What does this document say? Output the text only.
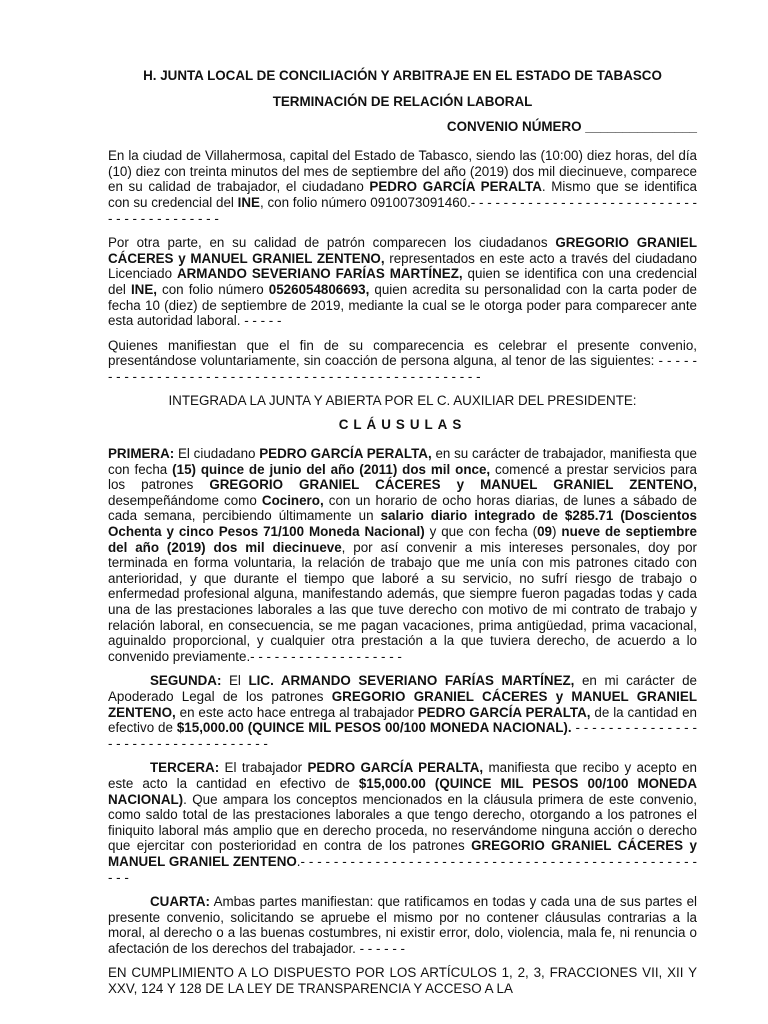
H. JUNTA LOCAL DE CONCILIACIÓN Y ARBITRAJE EN EL ESTADO DE TABASCO

TERMINACIÓN DE RELACIÓN LABORAL

CONVENIO NÚMERO _______________

En la ciudad de Villahermosa, capital del Estado de Tabasco, siendo las (10:00) diez horas, del día (10) diez con treinta minutos del mes de septiembre del año (2019) dos mil diecinueve, comparece en su calidad de trabajador, el ciudadano PEDRO GARCÍA PERALTA. Mismo que se identifica con su credencial del INE, con folio número 0910073091460.- - - - - - - - - - - - - - - - - - - - - - - - - - - - - - - - - - - - - - - - - -

Por otra parte, en su calidad de patrón comparecen los ciudadanos GREGORIO GRANIEL CÁCERES y MANUEL GRANIEL ZENTENO, representados en este acto a través del ciudadano Licenciado ARMANDO SEVERIANO FARÍAS MARTÍNEZ, quien se identifica con una credencial del INE, con folio número 0526054806693, quien acredita su personalidad con la carta poder de fecha 10 (diez) de septiembre de 2019, mediante la cual se le otorga poder para comparecer ante esta autoridad laboral. - - - - -

Quienes manifiestan que el fin de su comparecencia es celebrar el presente convenio, presentándose voluntariamente, sin coacción de persona alguna, al tenor de las siguientes: - - - - - - - - - - - - - - - - - - - - - - - - - - - - - - - - - - - - - - - - - - - - - - - - - - -

INTEGRADA LA JUNTA Y ABIERTA POR EL C. AUXILIAR DEL PRESIDENTE:

CLÁUSULAS

PRIMERA: El ciudadano PEDRO GARCÍA PERALTA, en su carácter de trabajador, manifiesta que con fecha (15) quince de junio del año (2011) dos mil once, comencé a prestar servicios para los patrones GREGORIO GRANIEL CÁCERES y MANUEL GRANIEL ZENTENO, desempeñándome como Cocinero, con un horario de ocho horas diarias, de lunes a sábado de cada semana, percibiendo últimamente un salario diario integrado de $285.71 (Doscientos Ochenta y cinco Pesos 71/100 Moneda Nacional) y que con fecha (09) nueve de septiembre del año (2019) dos mil diecinueve, por así convenir a mis intereses personales, doy por terminada en forma voluntaria, la relación de trabajo que me unía con mis patrones citado con anterioridad, y que durante el tiempo que laboré a su servicio, no sufrí riesgo de trabajo o enfermedad profesional alguna, manifestando además, que siempre fueron pagadas todas y cada una de las prestaciones laborales a las que tuve derecho con motivo de mi contrato de trabajo y relación laboral, en consecuencia, se me pagan vacaciones, prima antigüedad, prima vacacional, aguinaldo proporcional, y cualquier otra prestación a la que tuviera derecho, de acuerdo a lo convenido previamente.- - - - - - - - - - - - - - - - - - -

SEGUNDA: El LIC. ARMANDO SEVERIANO FARÍAS MARTÍNEZ, en mi carácter de Apoderado Legal de los patrones GREGORIO GRANIEL CÁCERES y MANUEL GRANIEL ZENTENO, en este acto hace entrega al trabajador PEDRO GARCÍA PERALTA, de la cantidad en efectivo de $15,000.00 (QUINCE MIL PESOS 00/100 MONEDA NACIONAL). - - - - - - - - - - - - - - - - - - - - - - - - - - - - - - - - - - -

TERCERA: El trabajador PEDRO GARCÍA PERALTA, manifiesta que recibo y acepto en este acto la cantidad en efectivo de $15,000.00 (QUINCE MIL PESOS 00/100 MONEDA NACIONAL). Que ampara los conceptos mencionados en la cláusula primera de este convenio, como saldo total de las prestaciones laborales a que tengo derecho, otorgando a los patrones el finiquito laboral más amplio que en derecho proceda, no reservándome ninguna acción o derecho que ejercitar con posterioridad en contra de los patrones GREGORIO GRANIEL CÁCERES y MANUEL GRANIEL ZENTENO.- - - - - - - - - - - - - - - - - - - - - - - - - - - - - - - - - - - - - - - - - - - - - - - - - - -

CUARTA: Ambas partes manifiestan: que ratificamos en todas y cada una de sus partes el presente convenio, solicitando se apruebe el mismo por no contener cláusulas contrarias a la moral, al derecho o a las buenas costumbres, ni existir error, dolo, violencia, mala fe, ni renuncia o afectación de los derechos del trabajador. - - - - - -

EN CUMPLIMIENTO A LO DISPUESTO POR LOS ARTÍCULOS 1, 2, 3, FRACCIONES VII, XII Y XXV, 124 Y 128 DE LA LEY DE TRANSPARENCIA Y ACCESO A LA
